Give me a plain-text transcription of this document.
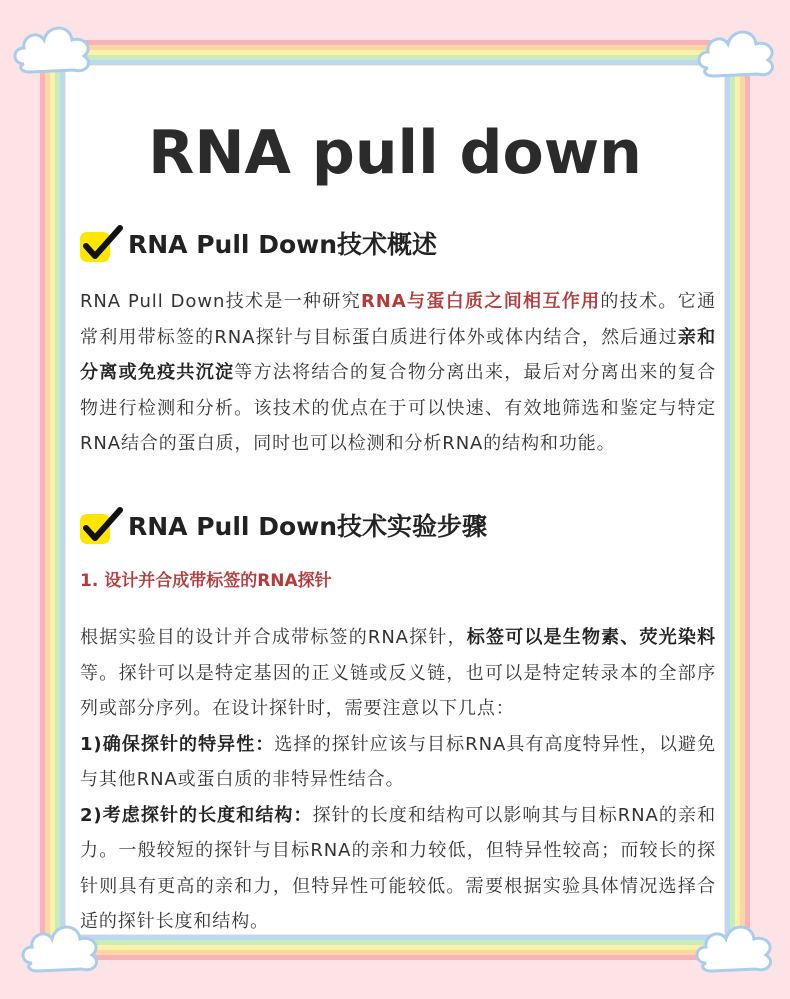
RNA pull down
RNA Pull Down技术概述

RNA Pull Down技术是一种研究RNA与蛋白质之间相互作用的技术。它通常利用带标签的RNA探针与目标蛋白质进行体外或体内结合，然后通过亲和分离或免疫共沉淀等方法将结合的复合物分离出来，最后对分离出来的复合物进行检测和分析。该技术的优点在于可以快速、有效地筛选和鉴定与特定RNA结合的蛋白质，同时也可以检测和分析RNA的结构和功能。

RNA Pull Down技术实验步骤
1. 设计并合成带标签的RNA探针

根据实验目的设计并合成带标签的RNA探针，标签可以是生物素、荧光染料等。探针可以是特定基因的正义链或反义链，也可以是特定转录本的全部序列或部分序列。在设计探针时，需要注意以下几点：

1)确保探针的特异性：选择的探针应该与目标RNA具有高度特异性，以避免与其他RNA或蛋白质的非特异性结合。

2)考虑探针的长度和结构：探针的长度和结构可以影响其与目标RNA的亲和力。一般较短的探针与目标RNA的亲和力较低，但特异性较高；而较长的探针则具有更高的亲和力，但特异性可能较低。需要根据实验具体情况选择合适的探针长度和结构。
